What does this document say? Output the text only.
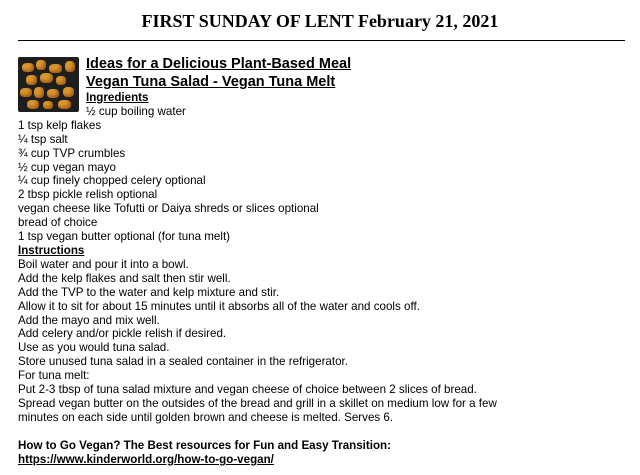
FIRST SUNDAY OF LENT February 21, 2021
Ideas for a Delicious Plant-Based Meal
Vegan Tuna Salad - Vegan Tuna Melt
Ingredients
½ cup boiling water
1 tsp kelp flakes
¼ tsp salt
¾ cup TVP crumbles
½ cup vegan mayo
¼ cup finely chopped celery optional
2 tbsp pickle relish optional
vegan cheese like Tofutti or Daiya shreds or slices optional
bread of choice
1 tsp vegan butter optional (for tuna melt)
Instructions
Boil water and pour it into a bowl.
Add the kelp flakes and salt then stir well.
Add the TVP to the water and kelp mixture and stir.
Allow it to sit for about 15 minutes until it absorbs all of the water and cools off.
Add the mayo and mix well.
Add celery and/or pickle relish if desired.
Use as you would tuna salad.
Store unused tuna salad in a sealed container in the refrigerator.
For tuna melt:
Put 2-3 tbsp of tuna salad mixture and vegan cheese of choice between 2 slices of bread.
Spread vegan butter on the outsides of the bread and grill in a skillet on medium low for a few
minutes on each side until golden brown and cheese is melted. Serves 6.
How to Go Vegan? The Best resources for Fun and Easy Transition:
https://www.kinderworld.org/how-to-go-vegan/
